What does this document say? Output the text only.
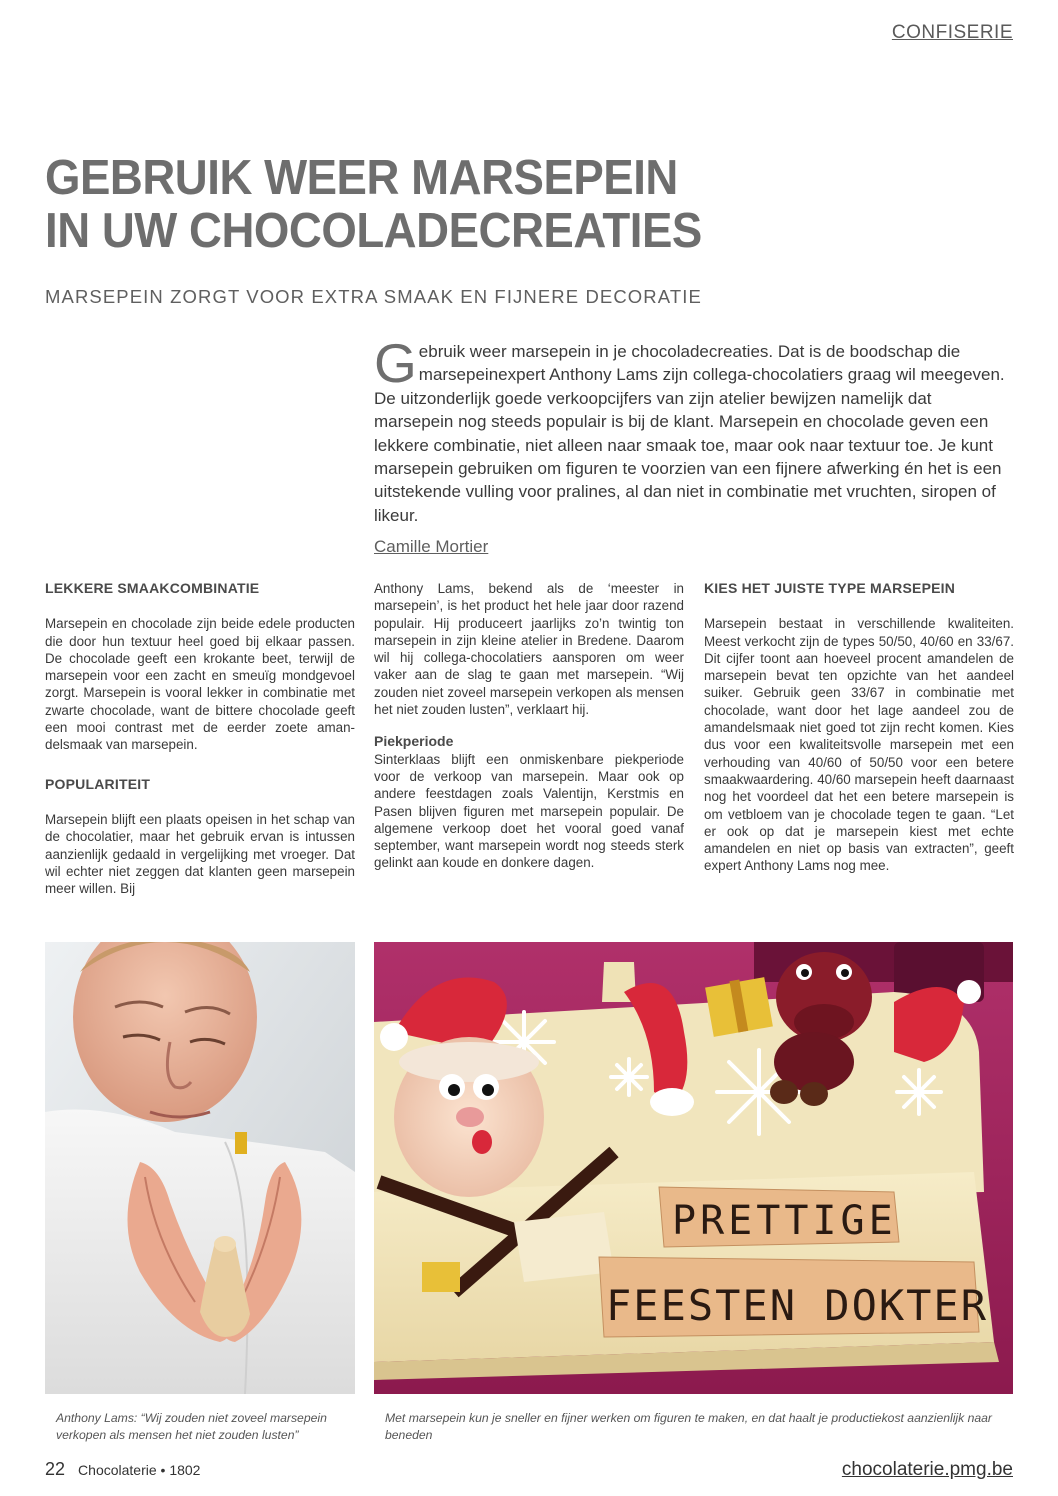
CONFISERIE
GEBRUIK WEER MARSEPEIN
IN UW CHOCOLADECREATIES
MARSEPEIN ZORGT VOOR EXTRA SMAAK EN FIJNERE DECORATIE
Gebruik weer marsepein in je chocoladecreaties. Dat is de boodschap die marsepeinexpert Anthony Lams zijn collega-chocolatiers graag wil meegeven. De uitzonderlijk goede verkoopcijfers van zijn atelier bewijzen namelijk dat marsepein nog steeds populair is bij de klant. Marsepein en chocolade geven een lekkere combinatie, niet alleen naar smaak toe, maar ook naar textuur toe. Je kunt marsepein gebruiken om figuren te voorzien van een fijnere afwerking én het is een uitstekende vulling voor pralines, al dan niet in combinatie met vruchten, siropen of likeur.
Camille Mortier
LEKKERE SMAAKCOMBINATIE

Marsepein en chocolade zijn beide edele producten die door hun textuur heel goed bij elkaar passen. De chocolade geeft een krokante beet, terwijl de marsepein voor een zacht en smeuïg mondgevoel zorgt. Marsepein is vooral lekker in combinatie met zwarte chocolade, want de bittere chocolade geeft een mooi contrast met de eerder zoete amandelsmaak van marsepein.

POPULARITEIT

Marsepein blijft een plaats opeisen in het schap van de chocolatier, maar het gebruik ervan is intussen aanzienlijk gedaald in vergelijking met vroeger. Dat wil echter niet zeggen dat klanten geen marsepein meer willen. Bij

Anthony Lams, bekend als de ‘meester in marsepein’, is het product het hele jaar door razend populair. Hij produceert jaarlijks zo’n twintig ton marsepein in zijn kleine atelier in Bredene. Daarom wil hij collega-chocolatiers aansporen om weer vaker aan de slag te gaan met marsepein. “Wij zouden niet zoveel marsepein verkopen als mensen het niet zouden lusten”, verklaart hij.

Piekperiode

Sinterklaas blijft een onmiskenbare piekperiode voor de verkoop van marsepein. Maar ook op andere feestdagen zoals Valentijn, Kerstmis en Pasen blijven figuren met marsepein populair. De algemene verkoop doet het vooral goed vanaf september, want marsepein wordt nog steeds sterk gelinkt aan koude en donkere dagen.

KIES HET JUISTE TYPE MARSEPEIN

Marsepein bestaat in verschillende kwaliteiten. Meest verkocht zijn de types 50/50, 40/60 en 33/67. Dit cijfer toont aan hoeveel procent amandelen de marsepein bevat ten opzichte van het aandeel suiker. Gebruik geen 33/67 in combinatie met chocolade, want door het lage aandeel zou de amandelsmaak niet goed tot zijn recht komen. Kies dus voor een kwaliteitsvolle marsepein met een verhouding van 40/60 of 50/50 voor een betere smaakwaardering. 40/60 marsepein heeft daarnaast nog het voordeel dat het een betere marsepein is om vetbloem van je chocolade tegen te gaan. “Let er ook op dat je marsepein kiest met echte amandelen en niet op basis van extracten”, geeft expert Anthony Lams nog mee.

PRETTIGE
FEESTEN DOKTER
Anthony Lams: “Wij zouden niet zoveel marsepein verkopen als mensen het niet zouden lusten”
Met marsepein kun je sneller en fijner werken om figuren te maken, en dat haalt je productiekost aanzienlijk naar beneden
22 Chocolaterie • 1802	chocolaterie.pmg.be
